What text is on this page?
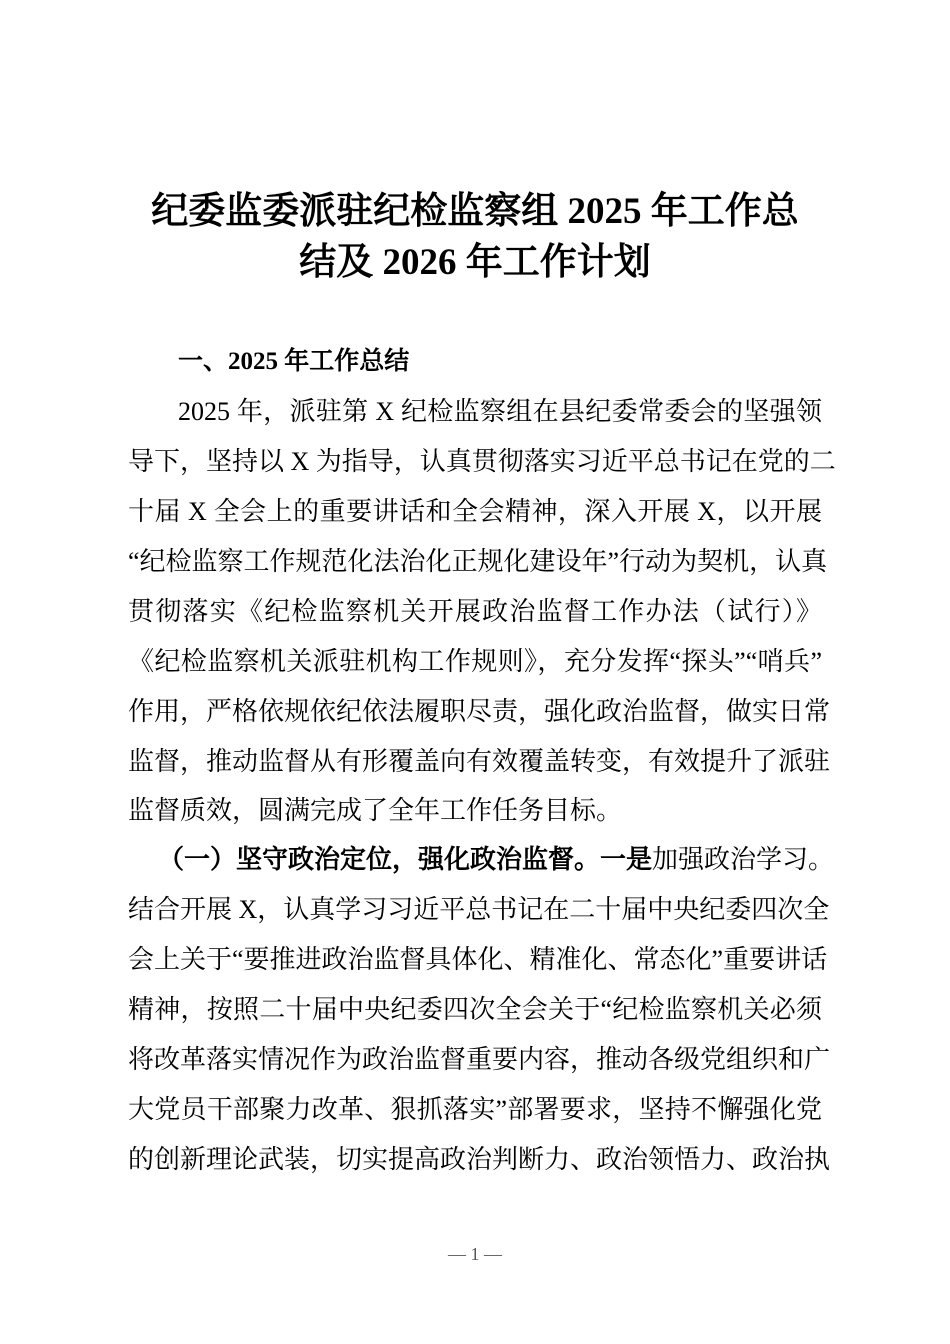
纪委监委派驻纪检监察组 2025 年工作总
结及 2026 年工作计划
一、2025 年工作总结
2025 年，派驻第 X 纪检监察组在县纪委常委会的坚强领
导下，坚持以 X 为指导，认真贯彻落实习近平总书记在党的二
十届 X 全会上的重要讲话和全会精神，深入开展 X，以开展
“纪检监察工作规范化法治化正规化建设年”行动为契机，认真
贯彻落实《纪检监察机关开展政治监督工作办法（试行）》
《纪检监察机关派驻机构工作规则》，充分发挥“探头”“哨兵”
作用，严格依规依纪依法履职尽责，强化政治监督，做实日常
监督，推动监督从有形覆盖向有效覆盖转变，有效提升了派驻
监督质效，圆满完成了全年工作任务目标。
（一）坚守政治定位，强化政治监督。一是加强政治学习。
结合开展 X，认真学习习近平总书记在二十届中央纪委四次全
会上关于“要推进政治监督具体化、精准化、常态化”重要讲话
精神，按照二十届中央纪委四次全会关于“纪检监察机关必须
将改革落实情况作为政治监督重要内容，推动各级党组织和广
大党员干部聚力改革、狠抓落实”部署要求，坚持不懈强化党
的创新理论武装，切实提高政治判断力、政治领悟力、政治执
— 1 —
